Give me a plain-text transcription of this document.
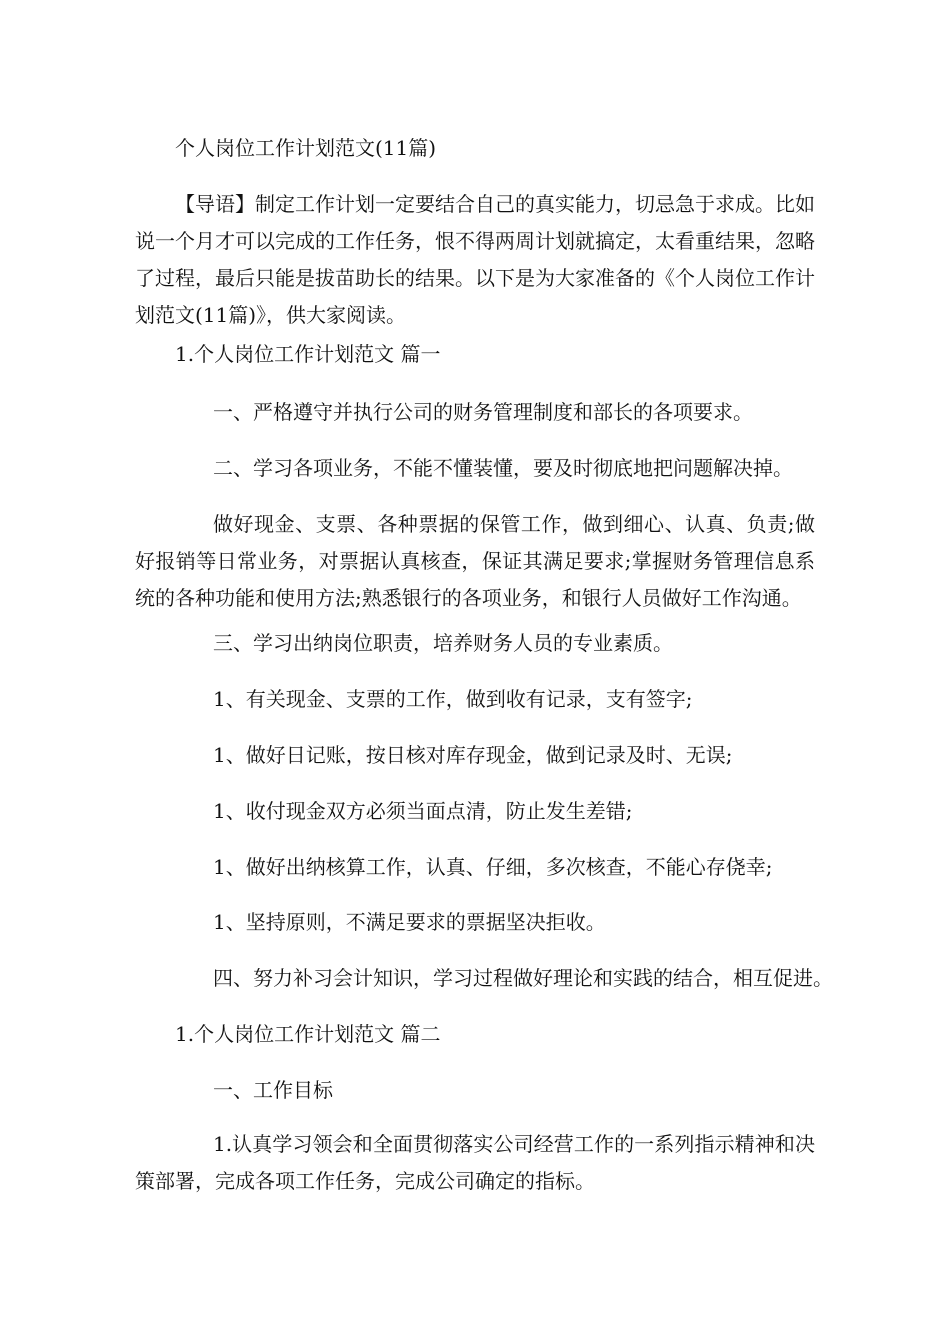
个人岗位工作计划范文(11篇)

【导语】制定工作计划一定要结合自己的真实能力，切忌急于求成。比如说一个月才可以完成的工作任务，恨不得两周计划就搞定，太看重结果，忽略了过程，最后只能是拔苗助长的结果。以下是为大家准备的《个人岗位工作计划范文(11篇)》，供大家阅读。

1.个人岗位工作计划范文 篇一

一、严格遵守并执行公司的财务管理制度和部长的各项要求。

二、学习各项业务，不能不懂装懂，要及时彻底地把问题解决掉。

做好现金、支票、各种票据的保管工作，做到细心、认真、负责;做好报销等日常业务，对票据认真核查，保证其满足要求;掌握财务管理信息系统的各种功能和使用方法;熟悉银行的各项业务，和银行人员做好工作沟通。

三、学习出纳岗位职责，培养财务人员的专业素质。

1、有关现金、支票的工作，做到收有记录，支有签字;

1、做好日记账，按日核对库存现金，做到记录及时、无误;

1、收付现金双方必须当面点清，防止发生差错;

1、做好出纳核算工作，认真、仔细，多次核查，不能心存侥幸;

1、坚持原则，不满足要求的票据坚决拒收。

四、努力补习会计知识，学习过程做好理论和实践的结合，相互促进。

1.个人岗位工作计划范文 篇二

一、工作目标

1.认真学习领会和全面贯彻落实公司经营工作的一系列指示精神和决策部署，完成各项工作任务，完成公司确定的指标。
